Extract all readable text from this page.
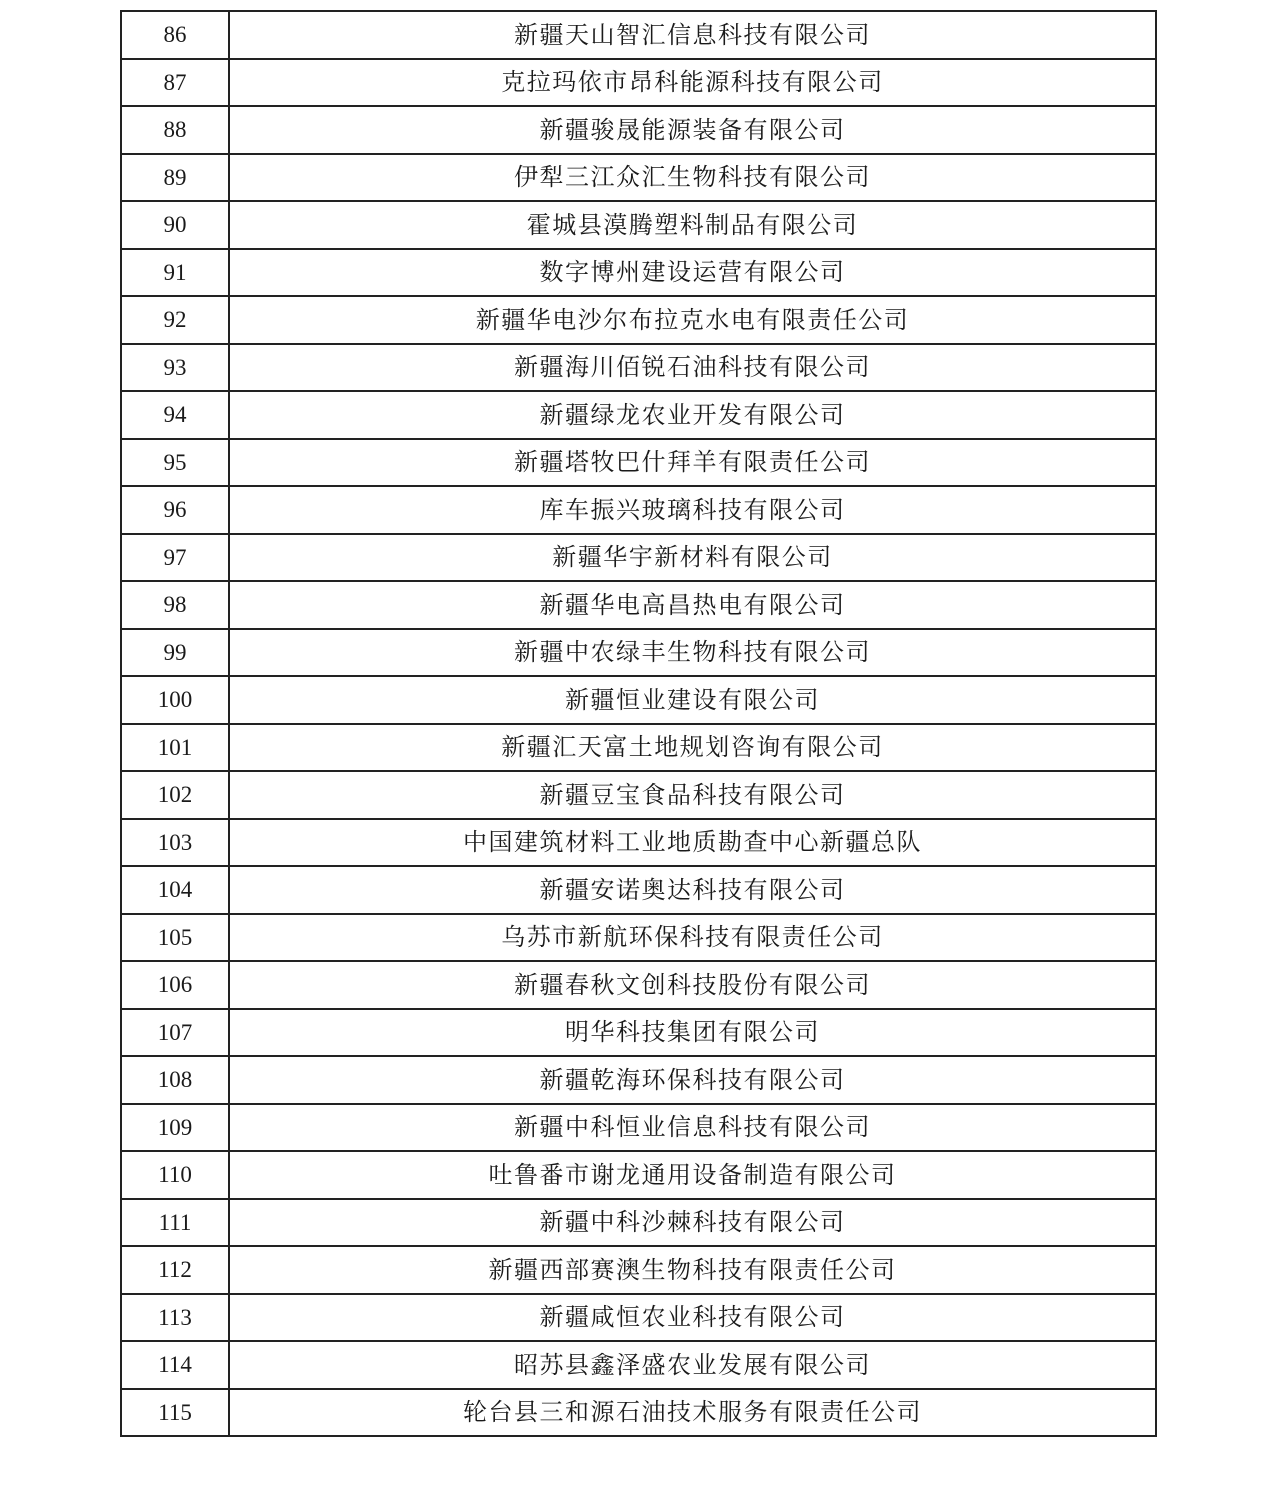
86	新疆天山智汇信息科技有限公司
87	克拉玛依市昂科能源科技有限公司
88	新疆骏晟能源装备有限公司
89	伊犁三江众汇生物科技有限公司
90	霍城县漠腾塑料制品有限公司
91	数字博州建设运营有限公司
92	新疆华电沙尔布拉克水电有限责任公司
93	新疆海川佰锐石油科技有限公司
94	新疆绿龙农业开发有限公司
95	新疆塔牧巴什拜羊有限责任公司
96	库车振兴玻璃科技有限公司
97	新疆华宇新材料有限公司
98	新疆华电高昌热电有限公司
99	新疆中农绿丰生物科技有限公司
100	新疆恒业建设有限公司
101	新疆汇天富土地规划咨询有限公司
102	新疆豆宝食品科技有限公司
103	中国建筑材料工业地质勘查中心新疆总队
104	新疆安诺奥达科技有限公司
105	乌苏市新航环保科技有限责任公司
106	新疆春秋文创科技股份有限公司
107	明华科技集团有限公司
108	新疆乾海环保科技有限公司
109	新疆中科恒业信息科技有限公司
110	吐鲁番市谢龙通用设备制造有限公司
111	新疆中科沙棘科技有限公司
112	新疆西部赛澳生物科技有限责任公司
113	新疆咸恒农业科技有限公司
114	昭苏县鑫泽盛农业发展有限公司
115	轮台县三和源石油技术服务有限责任公司
